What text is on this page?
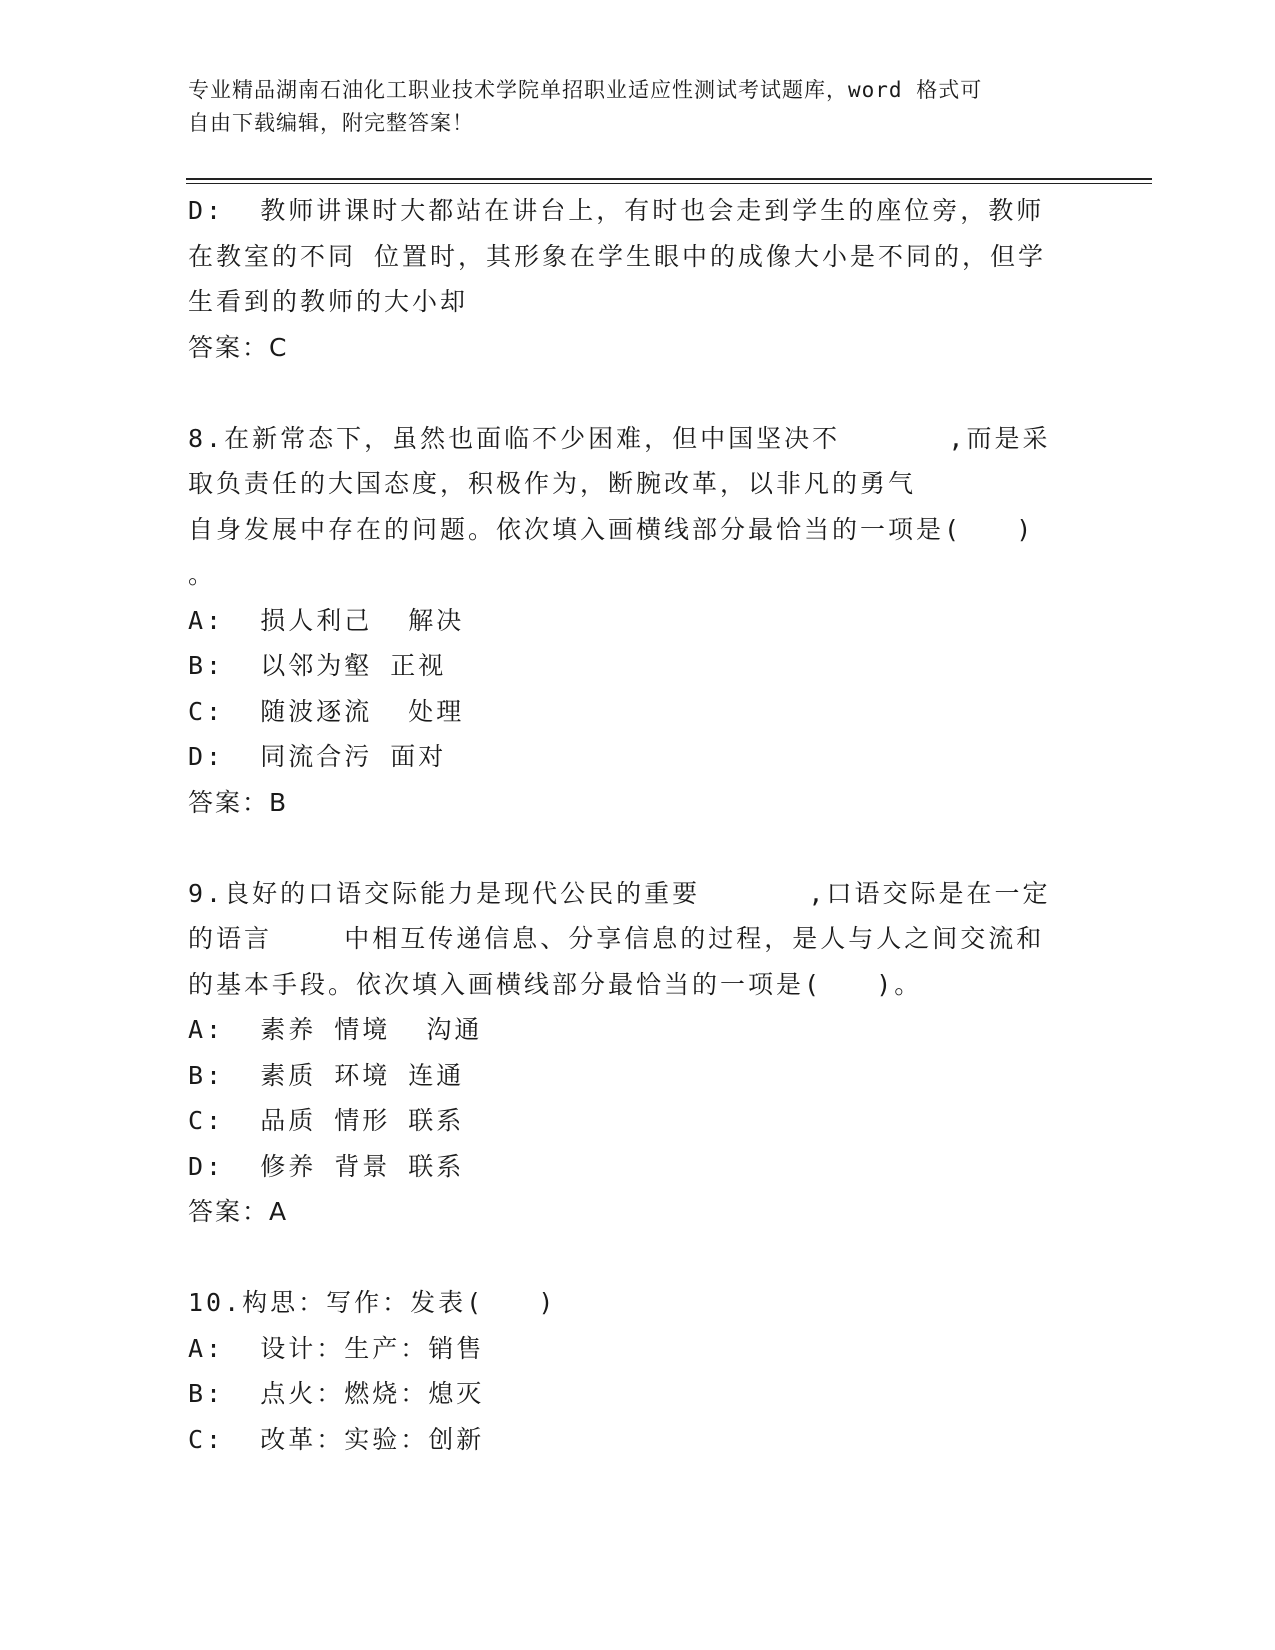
专业精品湖南石油化工职业技术学院单招职业适应性测试考试题库，word 格式可
自由下载编辑，附完整答案！
D:  教师讲课时大都站在讲台上，有时也会走到学生的座位旁，教师
在教室的不同 位置时，其形象在学生眼中的成像大小是不同的，但学
生看到的教师的大小却
答案：C
8.在新常态下，虽然也面临不少困难，但中国坚决不      ,而是采
取负责任的大国态度，积极作为，断腕改革，以非凡的勇气
自身发展中存在的问题。依次填入画横线部分最恰当的一项是(   )
。
A:  损人利己  解决
B:  以邻为壑 正视
C:  随波逐流  处理
D:  同流合污 面对
答案：B
9.良好的口语交际能力是现代公民的重要      ,口语交际是在一定
的语言    中相互传递信息、分享信息的过程，是人与人之间交流和
的基本手段。依次填入画横线部分最恰当的一项是(   )。
A:  素养 情境  沟通
B:  素质 环境 连通
C:  品质 情形 联系
D:  修养 背景 联系
答案：A
10.构思：写作：发表(   )
A:  设计：生产：销售
B:  点火：燃烧：熄灭
C:  改革：实验：创新
